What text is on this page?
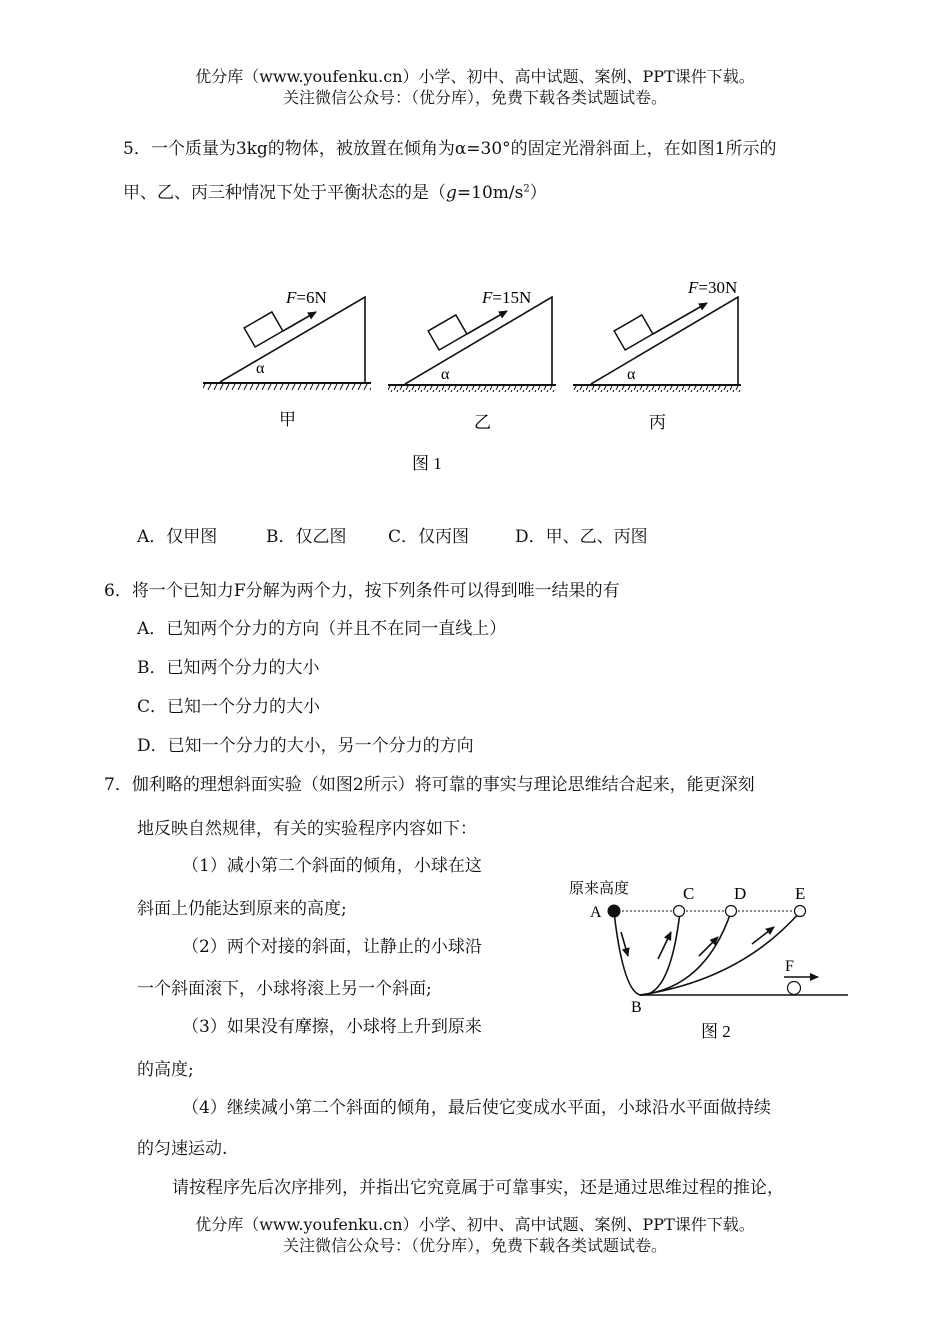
优分库（www.youfenku.cn）小学、初中、高中试题、案例、PPT课件下载。
关注微信公众号：（优分库），免费下载各类试题试卷。
5．一个质量为3kg的物体，被放置在倾角为α=30°的固定光滑斜面上，在如图1所示的
甲、乙、丙三种情况下处于平衡状态的是$(g=10m/s^2)$
F=6N
α
甲
F=15N
α
乙
F=30N
α
丙
图 1
A．仅甲图	B．仅乙图 C．仅丙图	D．甲、乙、丙图
6．将一个已知力F分解为两个力，按下列条件可以得到唯一结果的有
A．已知两个分力的方向（并且不在同一直线上）
B．已知两个分力的大小
C．已知一个分力的大小
D．已知一个分力的大小，另一个分力的方向
7．伽利略的理想斜面实验（如图2所示）将可靠的事实与理论思维结合起来，能更深刻
地反映自然规律，有关的实验程序内容如下：
（1）减小第二个斜面的倾角，小球在这
斜面上仍能达到原来的高度;
（2）两个对接的斜面，让静止的小球沿
一个斜面滚下，小球将滚上另一个斜面;
（3）如果没有摩擦，小球将上升到原来
的高度;
（4）继续减小第二个斜面的倾角，最后使它变成水平面，小球沿水平面做持续
的匀速运动.
请按程序先后次序排列，并指出它究竟属于可靠事实，还是通过思维过程的推论，
原来高度
A
C D	E
F
B
图 2
优分库（www.youfenku.cn）小学、初中、高中试题、案例、PPT课件下载。
关注微信公众号：（优分库），免费下载各类试题试卷。
